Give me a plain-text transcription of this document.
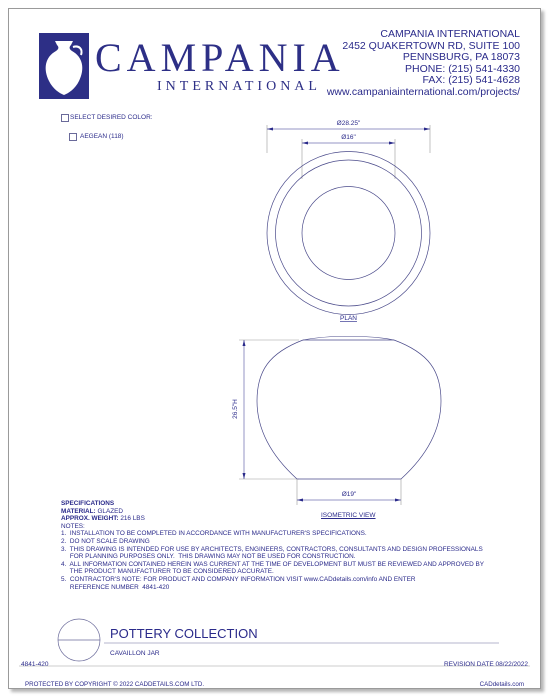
CAMPANIA
INTERNATIONAL
CAMPANIA INTERNATIONAL
2452 QUAKERTOWN RD, SUITE 100
PENNSBURG, PA 18073
PHONE: (215) 541-4330
FAX: (215) 541-4628
www.campaniainternational.com/projects/
SELECT DESIRED COLOR:
AEGEAN (118)
Ø28.25"
Ø16"
PLAN
26.5"H
Ø19"
ISOMETRIC VIEW
SPECIFICATIONS
MATERIAL: GLAZED
APPROX. WEIGHT: 216 LBS
NOTES:
1.  INSTALLATION TO BE COMPLETED IN ACCORDANCE WITH MANUFACTURER'S SPECIFICATIONS.
2.  DO NOT SCALE DRAWING
3.  THIS DRAWING IS INTENDED FOR USE BY ARCHITECTS, ENGINEERS, CONTRACTORS, CONSULTANTS AND DESIGN PROFESSIONALS
FOR PLANNING PURPOSES ONLY.  THIS DRAWING MAY NOT BE USED FOR CONSTRUCTION.
4.  ALL INFORMATION CONTAINED HEREIN WAS CURRENT AT THE TIME OF DEVELOPMENT BUT MUST BE REVIEWED AND APPROVED BY
THE PRODUCT MANUFACTURER TO BE CONSIDERED ACCURATE.
5.  CONTRACTOR'S NOTE: FOR PRODUCT AND COMPANY INFORMATION VISIT www.CADdetails.com/info AND ENTER
REFERENCE NUMBER  4841-420
POTTERY COLLECTION
CAVAILLON JAR
4841-420	REVISION DATE 08/22/2022
PROTECTED BY COPYRIGHT © 2022 CADDETAILS.COM LTD.	CADdetails.com
